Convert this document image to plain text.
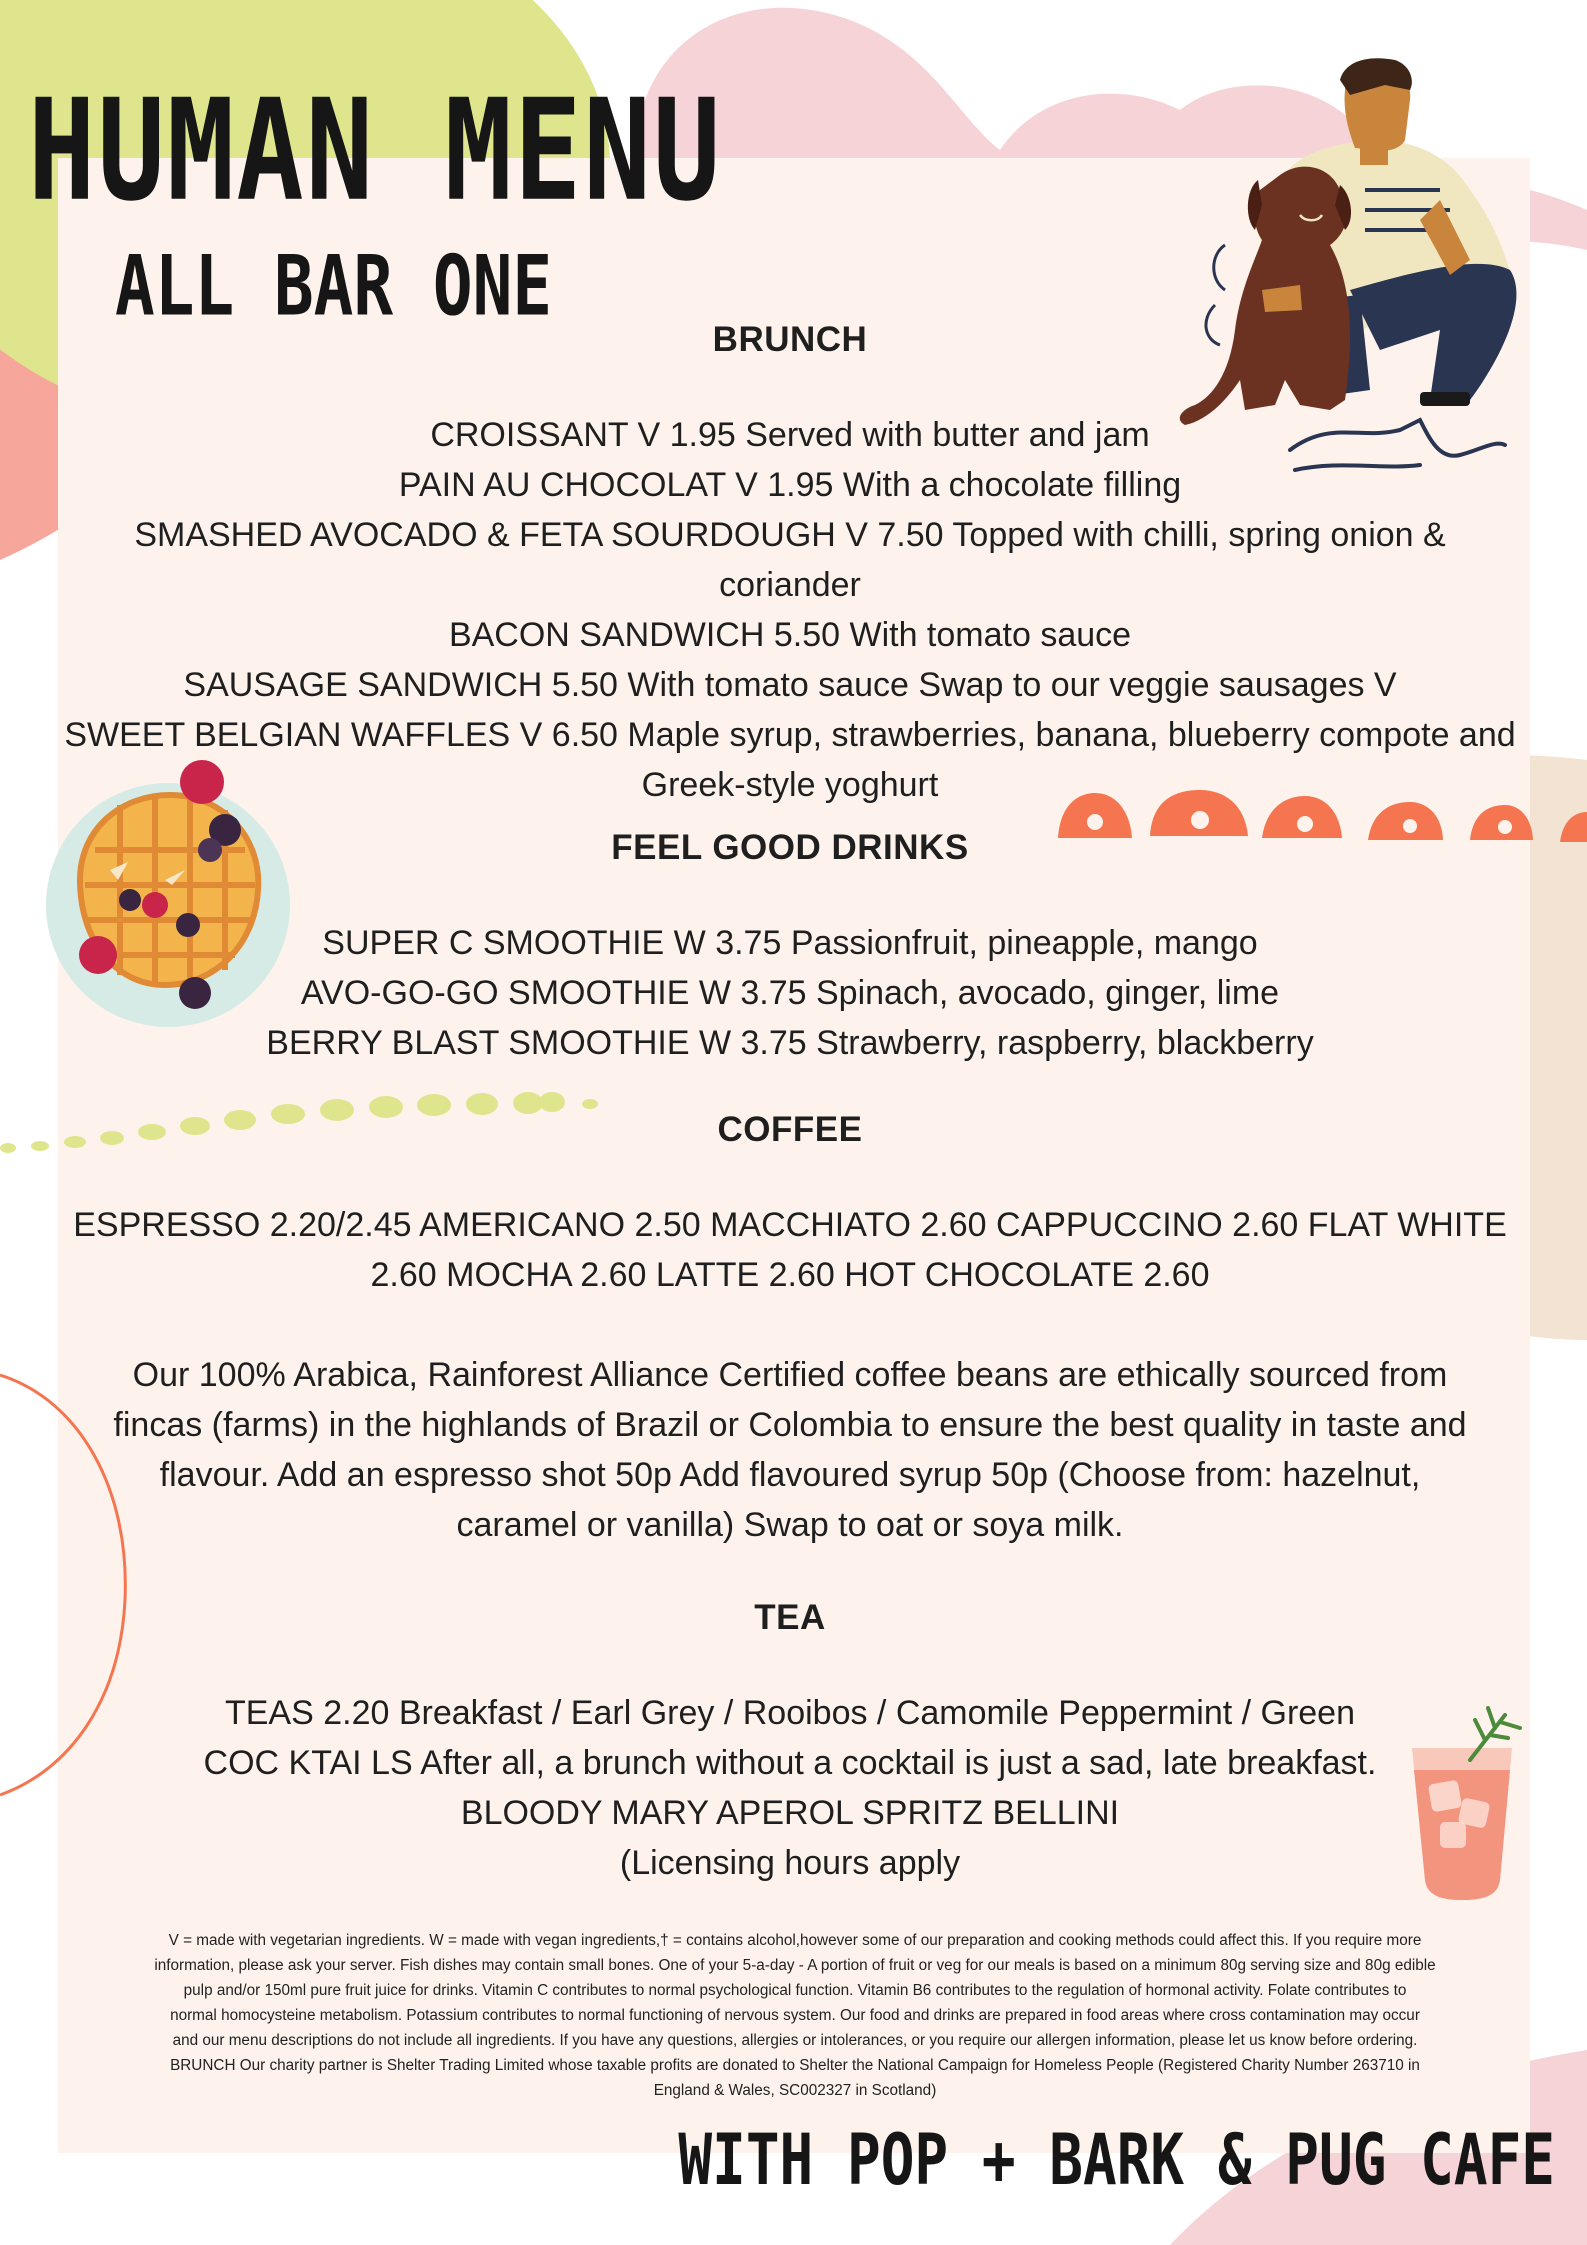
HUMAN MENU
ALL BAR ONE

BRUNCH

CROISSANT V 1.95 Served with butter and jam

PAIN AU CHOCOLAT V 1.95 With a chocolate filling

SMASHED AVOCADO & FETA SOURDOUGH V 7.50 Topped with chilli, spring onion & coriander

BACON SANDWICH 5.50 With tomato sauce

SAUSAGE SANDWICH 5.50 With tomato sauce Swap to our veggie sausages V

SWEET BELGIAN WAFFLES V 6.50 Maple syrup, strawberries, banana, blueberry compote and

Greek-style yoghurt

FEEL GOOD DRINKS

SUPER C SMOOTHIE W 3.75 Passionfruit, pineapple, mango

AVO-GO-GO SMOOTHIE W 3.75 Spinach, avocado, ginger, lime

BERRY BLAST SMOOTHIE W 3.75 Strawberry, raspberry, blackberry

COFFEE

ESPRESSO 2.20/2.45 AMERICANO 2.50 MACCHIATO 2.60 CAPPUCCINO 2.60 FLAT WHITE

2.60 MOCHA 2.60 LATTE 2.60 HOT CHOCOLATE 2.60

Our 100% Arabica, Rainforest Alliance Certified coffee beans are ethically sourced from

fincas (farms) in the highlands of Brazil or Colombia to ensure the best quality in taste and

flavour. Add an espresso shot 50p Add flavoured syrup 50p (Choose from: hazelnut,

caramel or vanilla) Swap to oat or soya milk.

TEA

TEAS 2.20 Breakfast / Earl Grey / Rooibos / Camomile Peppermint / Green

COC KTAI LS After all, a brunch without a cocktail is just a sad, late breakfast.

BLOODY MARY APEROL SPRITZ BELLINI

(Licensing hours apply

V = made with vegetarian ingredients. W = made with vegan ingredients,† = contains alcohol,however some of our preparation and cooking methods could affect this. If you require more
information, please ask your server. Fish dishes may contain small bones. One of your 5-a-day - A portion of fruit or veg for our meals is based on a minimum 80g serving size and 80g edible
pulp and/or 150ml pure fruit juice for drinks. Vitamin C contributes to normal psychological function. Vitamin B6 contributes to the regulation of hormonal activity. Folate contributes to
normal homocysteine metabolism. Potassium contributes to normal functioning of nervous system. Our food and drinks are prepared in food areas where cross contamination may occur
and our menu descriptions do not include all ingredients. If you have any questions, allergies or intolerances, or you require our allergen information, please let us know before ordering.
BRUNCH Our charity partner is Shelter Trading Limited whose taxable profits are donated to Shelter the National Campaign for Homeless People (Registered Charity Number 263710 in
England & Wales, SC002327 in Scotland)
WITH POP + BARK & PUG CAFE
